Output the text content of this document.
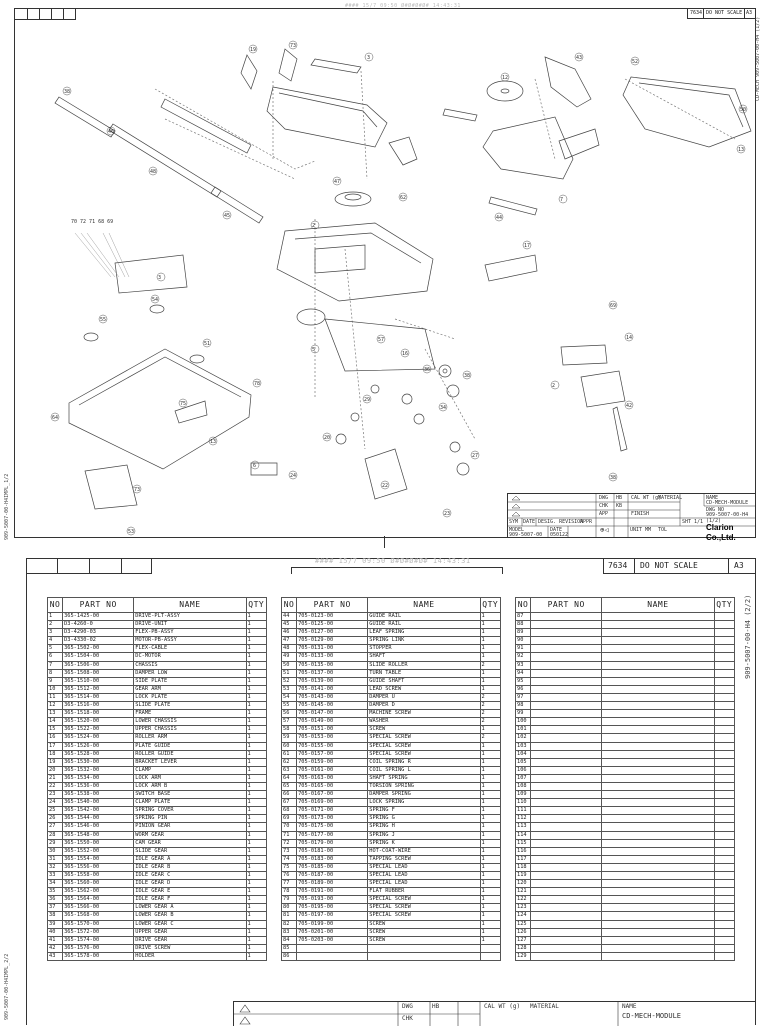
#### 15/7 09:50 Ø#Ø#Ø#Ø# 14:43:31
7634 DO NOT SCALE A3
CD-MECH 909-5007-00-H4 (1/2)
38
19
73
3
12
43
52
50
46
48
45
47
62
2
44
17
7
3
55
54
51
78
75
13
64
6
24
73
53
5
57
16
36
38
29
20
34
27
22
23
2
42
38
14
13
69
70 72 71 68 69
DWG HB
CHK KB
APP
CAL WT (g)
MATERIAL
FINISH
NAME
CD-MECH-MODULE
DWG NO
909-5007-00-H4 (1/2)
SHT 1/1
UNIT MM TOL
SYM DATE DESIG. REVISION
APPR
MODEL
909-5007-00
DATE
050122
⊕◁	Clarion Co.,Ltd.
909-5007-00-H4IMPL_1/2
#### 15/7 09:50 Ø#Ø#Ø#Ø# 14:43:31	7634 DO NOT SCALE	A3
909-5007-00-H4 (2/2)
NO	PART NO	NAME	QTY
1	365-1425-00	DRIVE-PLT-ASSY	1
2	D3-4260-0	DRIVE-UNIT	1
3	D3-4290-03	FLEX-PB-ASSY	1
4	D3-4330-02	MOTOR-PB-ASSY	1
5	365-1502-00	FLEX-CABLE	1
6	365-1504-00	DC-MOTOR	1
7	365-1506-00	CHASSIS	1
8	365-1508-00	DAMPER LOW	1
9	365-1510-00	SIDE PLATE	1
10	365-1512-00	GEAR ARM	1
11	365-1514-00	LOCK PLATE	1
12	365-1516-00	SLIDE PLATE	1
13	365-1518-00	FRAME	1
14	365-1520-00	LOWER CHASSIS	1
15	365-1522-00	UPPER CHASSIS	1
16	365-1524-00	ROLLER ARM	1
17	365-1526-00	PLATE GUIDE	1
18	365-1528-00	ROLLER GUIDE	1
19	365-1530-00	BRACKET LEVER	1
20	365-1532-00	CLAMP	1
21	365-1534-00	LOCK ARM	1
22	365-1536-00	LOCK ARM B	1
23	365-1538-00	SWITCH BASE	1
24	365-1540-00	CLAMP PLATE	1
25	365-1542-00	SPRING COVER	1
26	365-1544-00	SPRING PIN	1
27	365-1546-00	PINION GEAR	1
28	365-1548-00	WORM GEAR	1
29	365-1550-00	CAM GEAR	1
30	365-1552-00	SLIDE GEAR	1
31	365-1554-00	IDLE GEAR A	1
32	365-1556-00	IDLE GEAR B	1
33	365-1558-00	IDLE GEAR C	1
34	365-1560-00	IDLE GEAR D	1
35	365-1562-00	IDLE GEAR E	1
36	365-1564-00	IDLE GEAR F	1
37	365-1566-00	LOWER GEAR A	1
38	365-1568-00	LOWER GEAR B	1
39	365-1570-00	LOWER GEAR C	1
40	365-1572-00	UPPER GEAR	1
41	365-1574-00	DRIVE GEAR	1
42	365-1576-00	DRIVE SCREW	1
43	365-1578-00	HOLDER	1
NO	PART NO	NAME	QTY
44	705-0123-00	GUIDE RAIL	1
45	705-0125-00	GUIDE RAIL	1
46	705-0127-00	LEAF SPRING	1
47	705-0129-00	SPRING LINK	1
48	705-0131-00	STOPPER	1
49	705-0133-00	SHAFT	1
50	705-0135-00	SLIDE ROLLER	2
51	705-0137-00	TURN TABLE	1
52	705-0139-00	GUIDE SHAFT	1
53	705-0141-00	LEAD SCREW	1
54	705-0143-00	DAMPER U	2
55	705-0145-00	DAMPER D	2
56	705-0147-00	MACHINE SCREW	2
57	705-0149-00	WASHER	2
58	705-0151-00	SCREW	1
59	705-0153-00	SPECIAL SCREW	2
60	705-0155-00	SPECIAL SCREW	1
61	705-0157-00	SPECIAL SCREW	1
62	705-0159-00	COIL SPRING R	1
63	705-0161-00	COIL SPRING L	1
64	705-0163-00	SHAFT SPRING	1
65	705-0165-00	TORSION SPRING	1
66	705-0167-00	DAMPER SPRING	1
67	705-0169-00	LOCK SPRING	1
68	705-0171-00	SPRING F	1
69	705-0173-00	SPRING G	1
70	705-0175-00	SPRING H	1
71	705-0177-00	SPRING J	1
72	705-0179-00	SPRING K	1
73	705-0181-00	HOT-COAT-WIRE	1
74	705-0183-00	TAPPING SCREW	1
75	705-0185-00	SPECIAL LEAD	1
76	705-0187-00	SPECIAL LEAD	1
77	705-0189-00	SPECIAL LEAD	1
78	705-0191-00	FLAT RUBBER	1
79	705-0193-00	SPECIAL SCREW	1
80	705-0195-00	SPECIAL SCREW	1
81	705-0197-00	SPECIAL SCREW	1
82	705-0199-00	SCREW	1
83	705-0201-00	SCREW	1
84	705-0203-00	SCREW	1
85			
86			
NO	PART NO	NAME	QTY
87			
88			
89			
90			
91			
92			
93			
94			
95			
96			
97			
98			
99			
100			
101			
102			
103			
104			
105			
106			
107			
108			
109			
110			
111			
112			
113			
114			
115			
116			
117			
118			
119			
120			
121			
122			
123			
124			
125			
126			
127			
128			
129			
DWG	HB
CHK
CAL WT (g) MATERIAL	NAME
CD-MECH-MODULE
909-5007-00-H4IMPL_2/2
